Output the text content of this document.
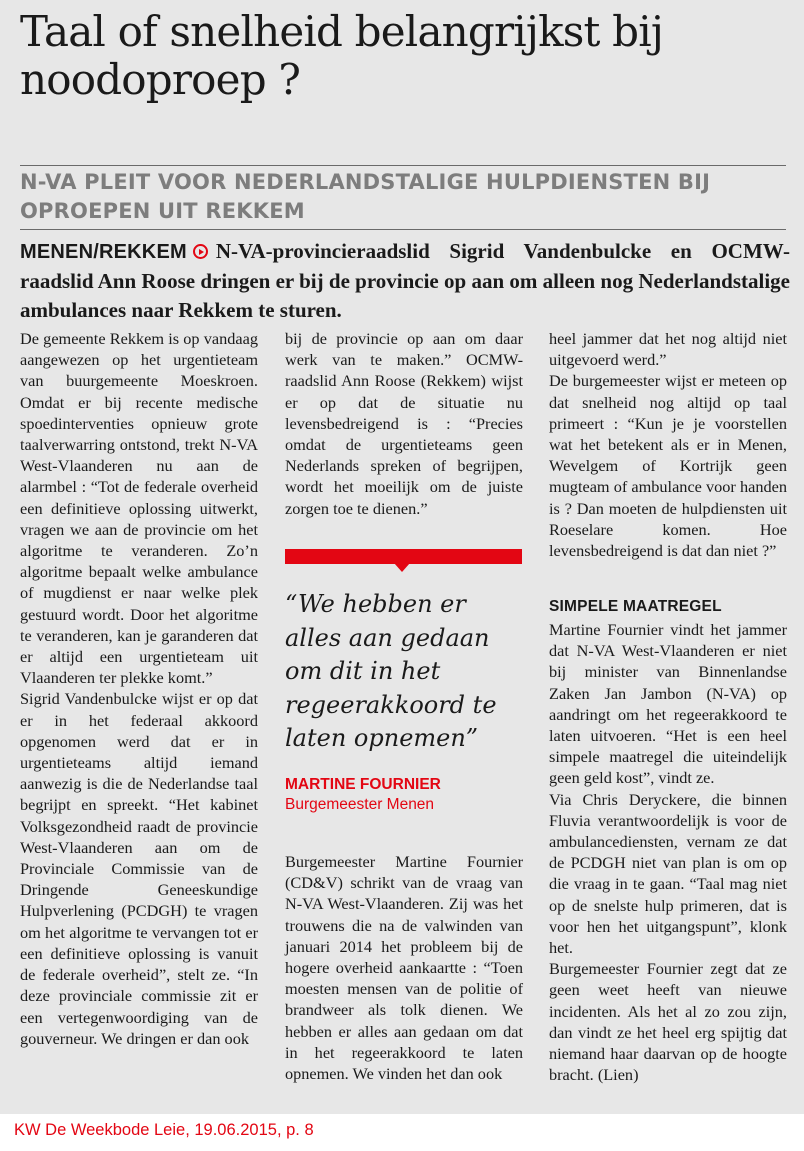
Taal of snelheid belangrijkst bij noodoproep ?
N-VA PLEIT VOOR NEDERLANDSTALIGE HULPDIENSTEN BIJ OPROEPEN UIT REKKEM

MENEN/REKKEM N-VA-provincieraadslid Sigrid Vandenbulcke en OCMW-raadslid Ann Roose dringen er bij de provincie op aan om alleen nog Nederlandstalige ambulances naar Rekkem te sturen.

De gemeente Rekkem is op vandaag aangewezen op het urgentieteam van buurgemeente Moeskroen. Omdat er bij recente medische spoedinterventies opnieuw grote taalverwarring ontstond, trekt N-VA West-Vlaanderen nu aan de alarmbel : “Tot de federale overheid een definitieve oplossing uitwerkt, vragen we aan de provincie om het algoritme te veranderen. Zo’n algoritme bepaalt welke ambulance of mugdienst er naar welke plek gestuurd wordt. Door het algoritme te veranderen, kan je garanderen dat er altijd een urgentieteam uit Vlaanderen ter plekke komt.”

Sigrid Vandenbulcke wijst er op dat er in het federaal akkoord opgenomen werd dat er in urgentieteams altijd iemand aanwezig is die de Nederlandse taal begrijpt en spreekt. “Het kabinet Volksgezondheid raadt de provincie West-Vlaanderen aan om de Provinciale Commissie van de Dringende Geneeskundige Hulpverlening (PCDGH) te vragen om het algoritme te vervangen tot er een definitieve oplossing is vanuit de federale overheid”, stelt ze. “In deze provinciale commissie zit er een vertegenwoordiging van de gouverneur. We dringen er dan ook

bij de provincie op aan om daar werk van te maken.” OCMW-raadslid Ann Roose (Rekkem) wijst er op dat de situatie nu levensbedreigend is : “Precies omdat de urgentieteams geen Nederlands spreken of begrijpen, wordt het moeilijk om de juiste zorgen toe te dienen.”

“We hebben er alles aan gedaan om dit in het regeerakkoord te laten opnemen”

MARTINE FOURNIER

Burgemeester Menen

Burgemeester Martine Fournier (CD&V) schrikt van de vraag van N-VA West-Vlaanderen. Zij was het trouwens die na de valwinden van januari 2014 het probleem bij de hogere overheid aankaartte : “Toen moesten mensen van de politie of brandweer als tolk dienen. We hebben er alles aan gedaan om dat in het regeerakkoord te laten opnemen. We vinden het dan ook

heel jammer dat het nog altijd niet uitgevoerd werd.”

De burgemeester wijst er meteen op dat snelheid nog altijd op taal primeert : “Kun je je voorstellen wat het betekent als er in Menen, Wevelgem of Kortrijk geen mugteam of ambulance voor handen is ? Dan moeten de hulpdiensten uit Roeselare komen. Hoe levensbedreigend is dat dan niet ?”

SIMPELE MAATREGEL

Martine Fournier vindt het jammer dat N-VA West-Vlaanderen er niet bij minister van Binnenlandse Zaken Jan Jambon (N-VA) op aandringt om het regeerakkoord te laten uitvoeren. “Het is een heel simpele maatregel die uiteindelijk geen geld kost”, vindt ze.

Via Chris Deryckere, die binnen Fluvia verantwoordelijk is voor de ambulancediensten, vernam ze dat de PCDGH niet van plan is om op die vraag in te gaan. “Taal mag niet op de snelste hulp primeren, dat is voor hen het uitgangspunt”, klonk het.

Burgemeester Fournier zegt dat ze geen weet heeft van nieuwe incidenten. Als het al zo zou zijn, dan vindt ze het heel erg spijtig dat niemand haar daarvan op de hoogte bracht. (Lien)

KW De Weekbode Leie, 19.06.2015, p. 8
